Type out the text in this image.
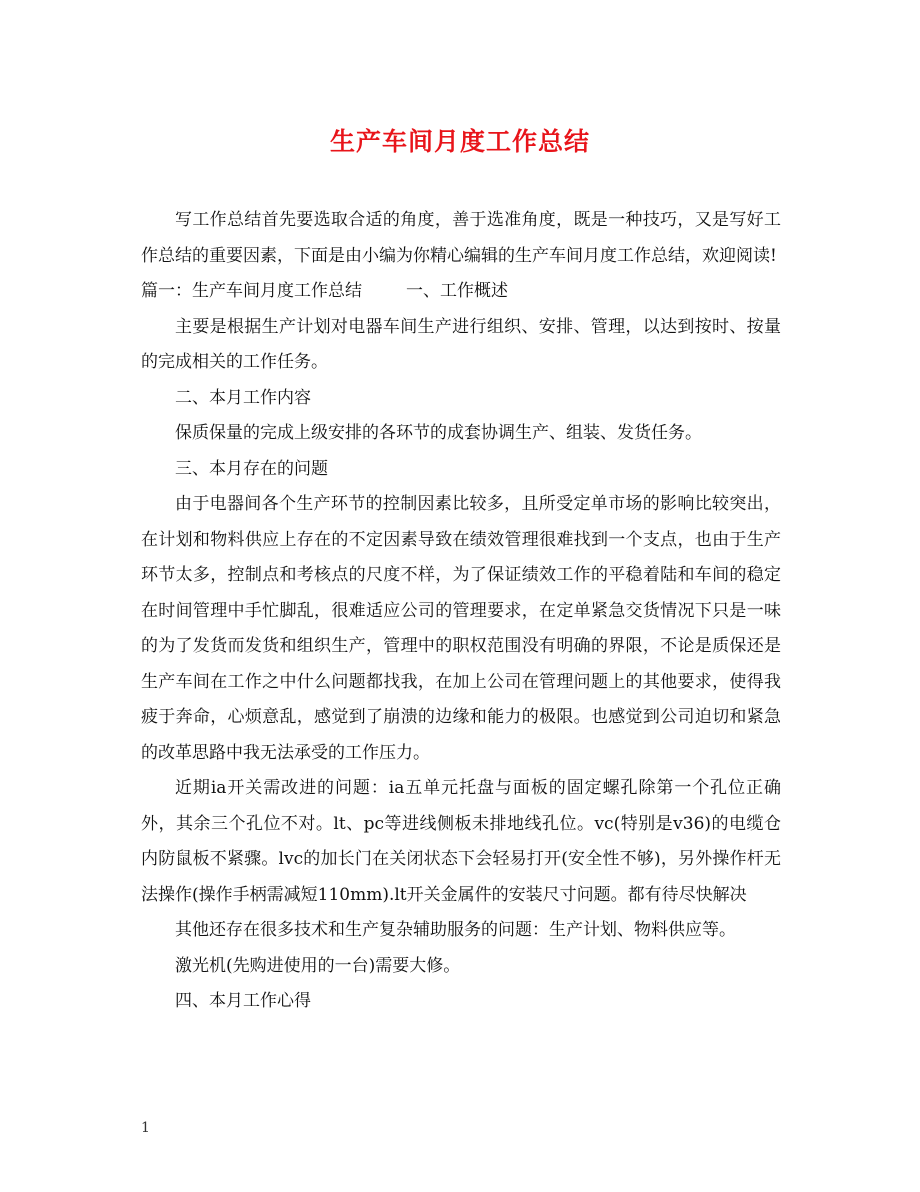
生产车间月度工作总结

写工作总结首先要选取合适的角度，善于选准角度，既是一种技巧，又是写好工作总结的重要因素，下面是由小编为你精心编辑的生产车间月度工作总结，欢迎阅读!

篇一：生产车间月度工作总结	一、工作概述

主要是根据生产计划对电器车间生产进行组织、安排、管理，以达到按时、按量的完成相关的工作任务。

二、本月工作内容

保质保量的完成上级安排的各环节的成套协调生产、组装、发货任务。

三、本月存在的问题

由于电器间各个生产环节的控制因素比较多，且所受定单市场的影响比较突出，在计划和物料供应上存在的不定因素导致在绩效管理很难找到一个支点，也由于生产环节太多，控制点和考核点的尺度不样，为了保证绩效工作的平稳着陆和车间的稳定在时间管理中手忙脚乱，很难适应公司的管理要求，在定单紧急交货情况下只是一味的为了发货而发货和组织生产，管理中的职权范围没有明确的界限，不论是质保还是生产车间在工作之中什么问题都找我，在加上公司在管理问题上的其他要求，使得我疲于奔命，心烦意乱，感觉到了崩溃的边缘和能力的极限。也感觉到公司迫切和紧急的改革思路中我无法承受的工作压力。

近期ia开关需改进的问题：ia五单元托盘与面板的固定螺孔除第一个孔位正确外，其余三个孔位不对。lt、pc等进线侧板未排地线孔位。vc(特别是v36)的电缆仓内防鼠板不紧骤。lvc的加长门在关闭状态下会轻易打开(安全性不够)，另外操作杆无法操作(操作手柄需减短110mm).lt开关金属件的安装尺寸问题。都有待尽快解决

其他还存在很多技术和生产复杂辅助服务的问题：生产计划、物料供应等。

激光机(先购进使用的一台)需要大修。

四、本月工作心得

1
